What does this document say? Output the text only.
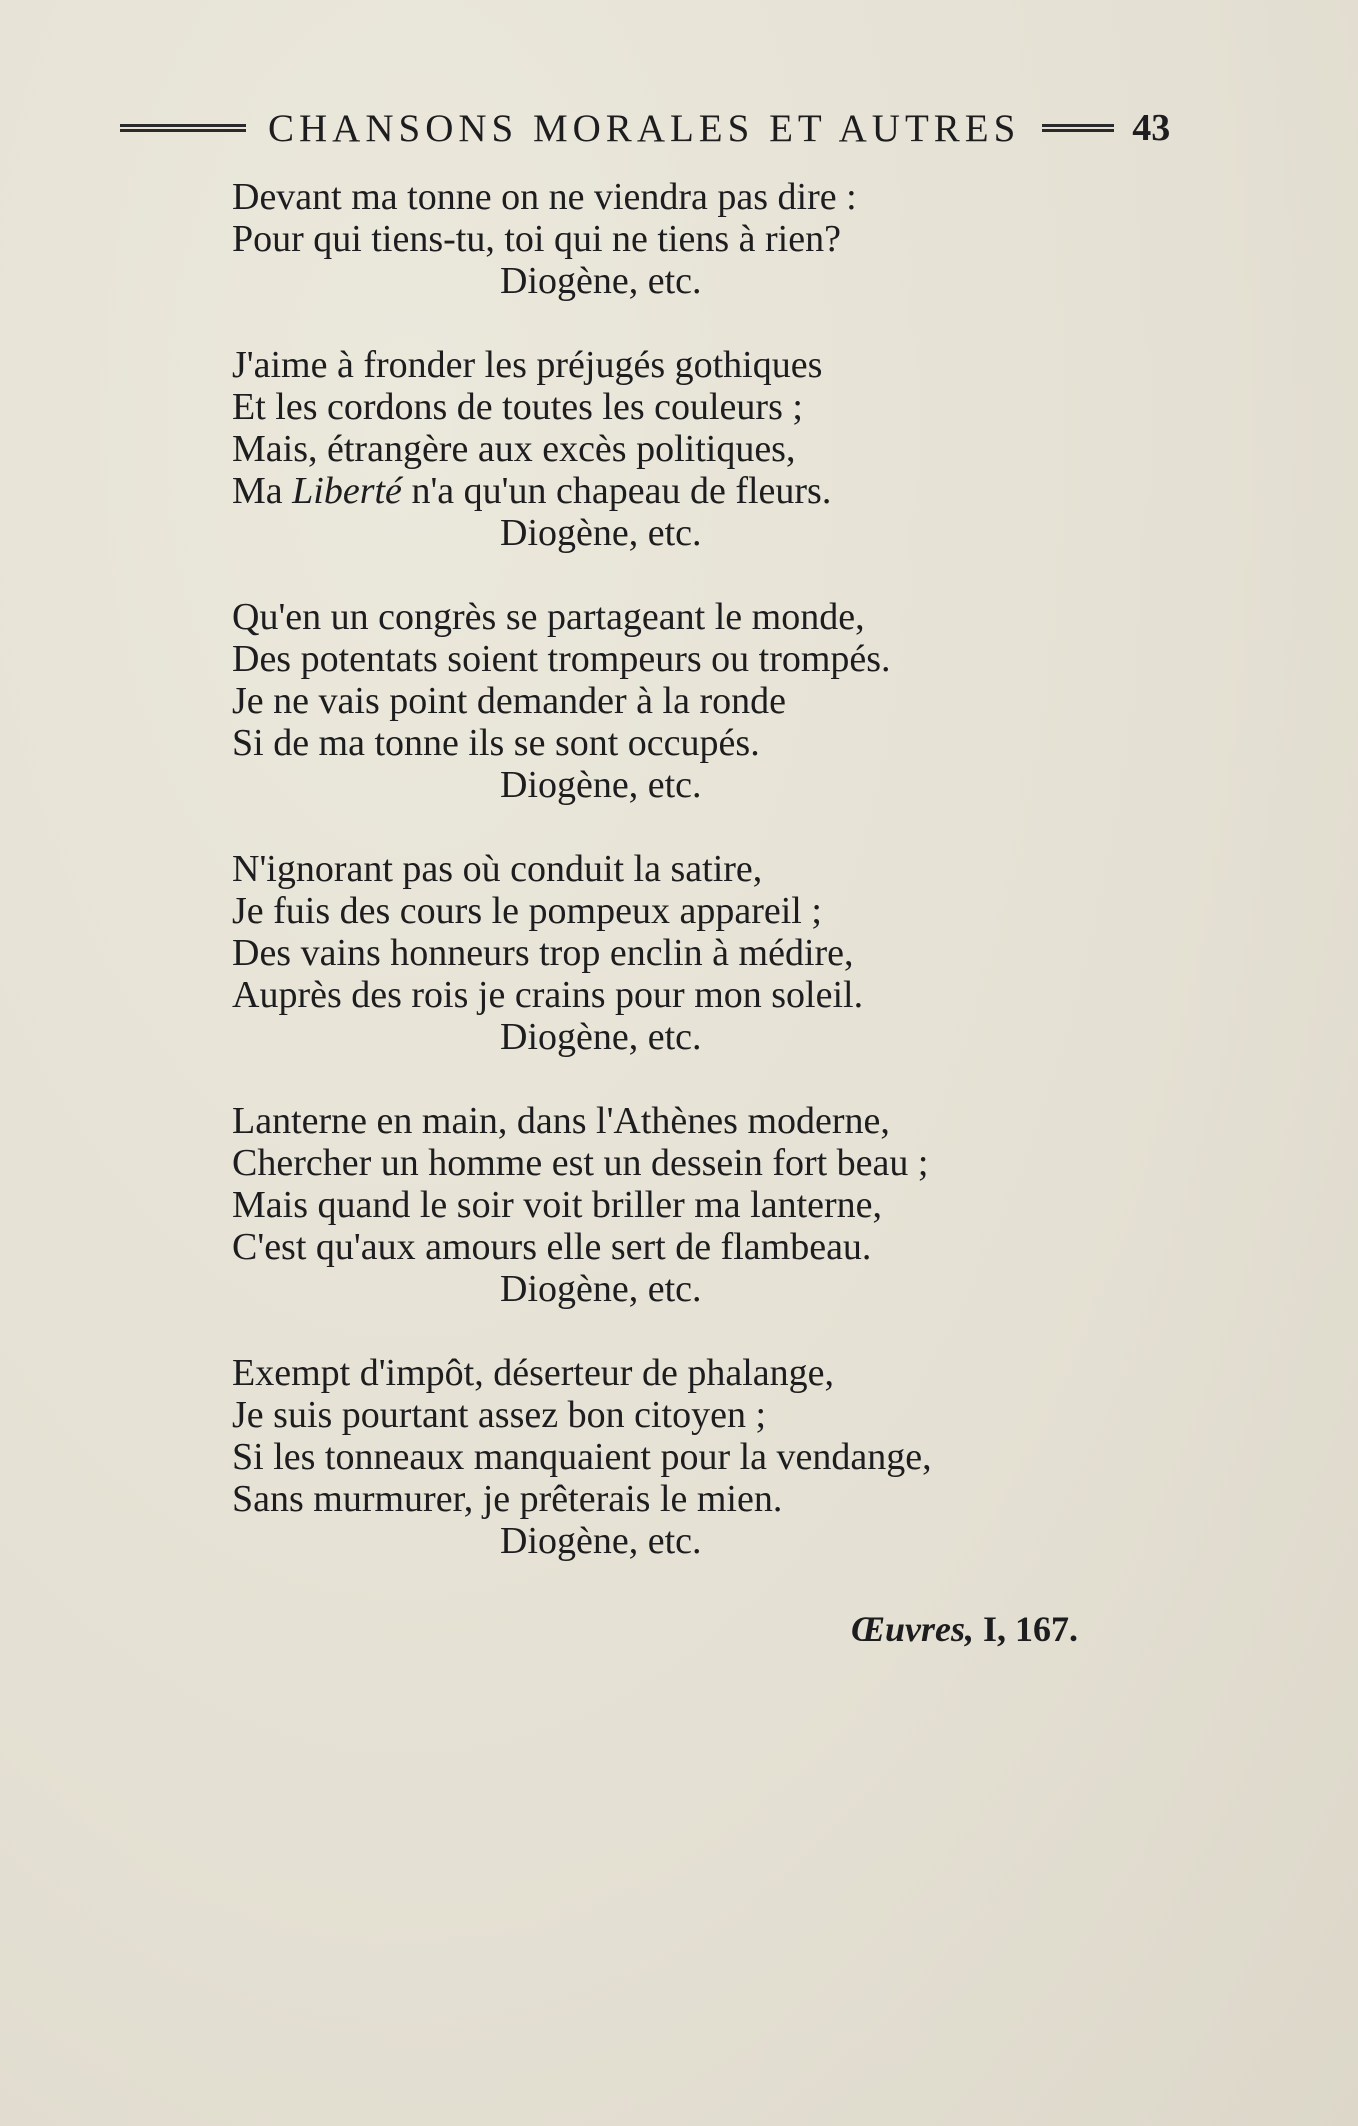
CHANSONS MORALES ET AUTRES	43
Devant ma tonne on ne viendra pas dire :
Pour qui tiens-tu, toi qui ne tiens à rien?
Diogène, etc.
J'aime à fronder les préjugés gothiques
Et les cordons de toutes les couleurs ;
Mais, étrangère aux excès politiques,
Ma Liberté n'a qu'un chapeau de fleurs.
Diogène, etc.
Qu'en un congrès se partageant le monde,
Des potentats soient trompeurs ou trompés.
Je ne vais point demander à la ronde
Si de ma tonne ils se sont occupés.
Diogène, etc.
N'ignorant pas où conduit la satire,
Je fuis des cours le pompeux appareil ;
Des vains honneurs trop enclin à médire,
Auprès des rois je crains pour mon soleil.
Diogène, etc.
Lanterne en main, dans l'Athènes moderne,
Chercher un homme est un dessein fort beau ;
Mais quand le soir voit briller ma lanterne,
C'est qu'aux amours elle sert de flambeau.
Diogène, etc.
Exempt d'impôt, déserteur de phalange,
Je suis pourtant assez bon citoyen ;
Si les tonneaux manquaient pour la vendange,
Sans murmurer, je prêterais le mien.
Diogène, etc.
Œuvres, I, 167.
